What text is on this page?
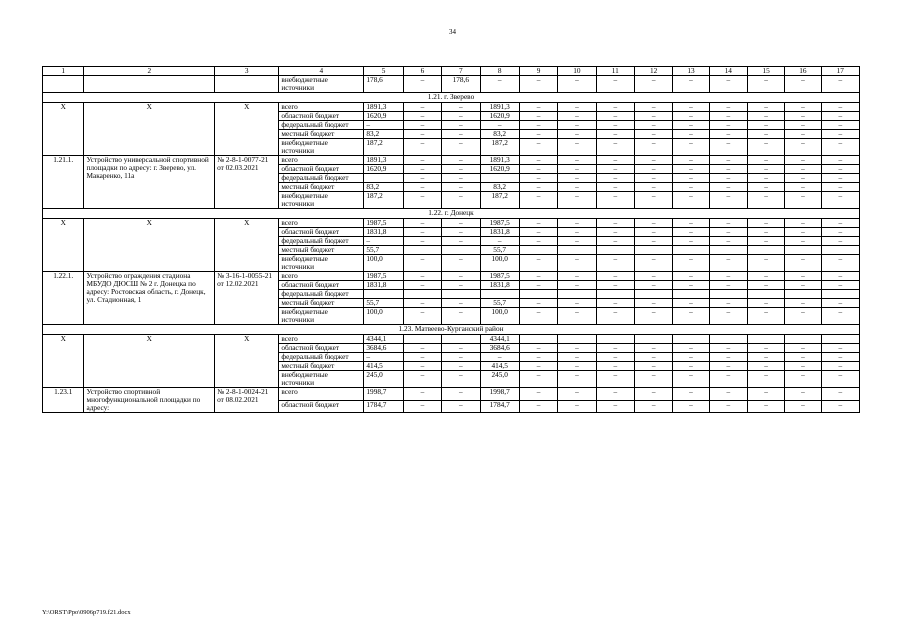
34
1	2	3	4	5	6	7	8	9	10	11	12	13	14	15	16	17
			внебюджетные источники	178,6	–	178,6	–	–	–	–	–	–	–	–	–	–
1.21. г. Зверево																
Х	Х	Х	всего	1891,3	–	–	1891,3	–	–	–	–	–	–	–	–	–
			областной бюджет	1620,9	–	–	1620,9	–	–	–	–	–	–	–	–	–
			федеральный бюджет	–	–	–	–	–	–	–	–	–	–	–	–	–
			местный бюджет	83,2	–	–	83,2	–	–	–	–	–	–	–	–	–
			внебюджетные источники	187,2	–	–	187,2	–	–	–	–	–	–	–	–	–
1.21.1.	Устройство универсальной спортивной площадки по адресу: г. Зверево, ул. Макаренко, 11а	№ 2-8-1-0077-21 от 02.03.2021	всего	1891,3	–	–	1891,3	–	–	–	–	–	–	–	–	–
			областной бюджет	1620,9	–	–	1620,9	–	–	–	–	–	–	–	–	–
			федеральный бюджет		–	–		–	–	–	–	–	–	–	–	–
			местный бюджет	83,2	–	–	83,2	–	–	–	–	–	–	–	–	–
			внебюджетные источники	187,2	–	–	187,2	–	–	–	–	–	–	–	–	–
1.22. г. Донецк																
Х	Х	Х	всего	1987,5	–	–	1987,5	–	–	–	–	–	–	–	–	–
			областной бюджет	1831,8	–	–	1831,8	–	–	–	–	–	–	–	–	–
			федеральный бюджет	–	–	–	–	–	–	–	–	–	–	–	–	–
			местный бюджет	55,7			55,7									
			внебюджетные источники	100,0	–	–	100,0	–	–	–	–	–	–	–	–	–
1.22.1.	Устройство ограждения стадиона МБУДО ДЮСШ № 2 г. Донецка по адресу: Ростовская область, г. Донецк, ул. Стадионная, 1	№ 3-16-1-0055-21 от 12.02.2021	всего	1987,5	–	–	1987,5	–	–	–	–	–	–	–	–	–
			областной бюджет	1831,8	–	–	1831,8	–	–	–	–	–	–	–	–	–
			федеральный бюджет													
			местный бюджет	55,7	–	–	55,7	–	–	–	–	–	–	–	–	–
			внебюджетные источники	100,0	–	–	100,0	–	–	–	–	–	–	–	–	–
1.23. Матвеево-Курганский район																
Х	Х	Х	всего	4344,1			4344,1									
			областной бюджет	3684,6	–	–	3684,6	–	–	–	–	–	–	–	–	–
			федеральный бюджет	–	–	–	–	–	–	–	–	–	–	–	–	–
			местный бюджет	414,5	–	–	414,5	–	–	–	–	–	–	–	–	–
			внебюджетные источники	245,0	–	–	245,0	–	–	–	–	–	–	–	–	–
1.23.1	Устройство спортивной многофункциональной площадки по адресу:	№ 2-8-1-0024-21 от 08.02.2021	всего	1998,7	–	–	1998,7	–	–	–	–	–	–	–	–	–
			областной бюджет	1784,7	–	–	1784,7	–	–	–	–	–	–	–	–	–
Y:\ORST\Ppo\0906p719.f21.docx
